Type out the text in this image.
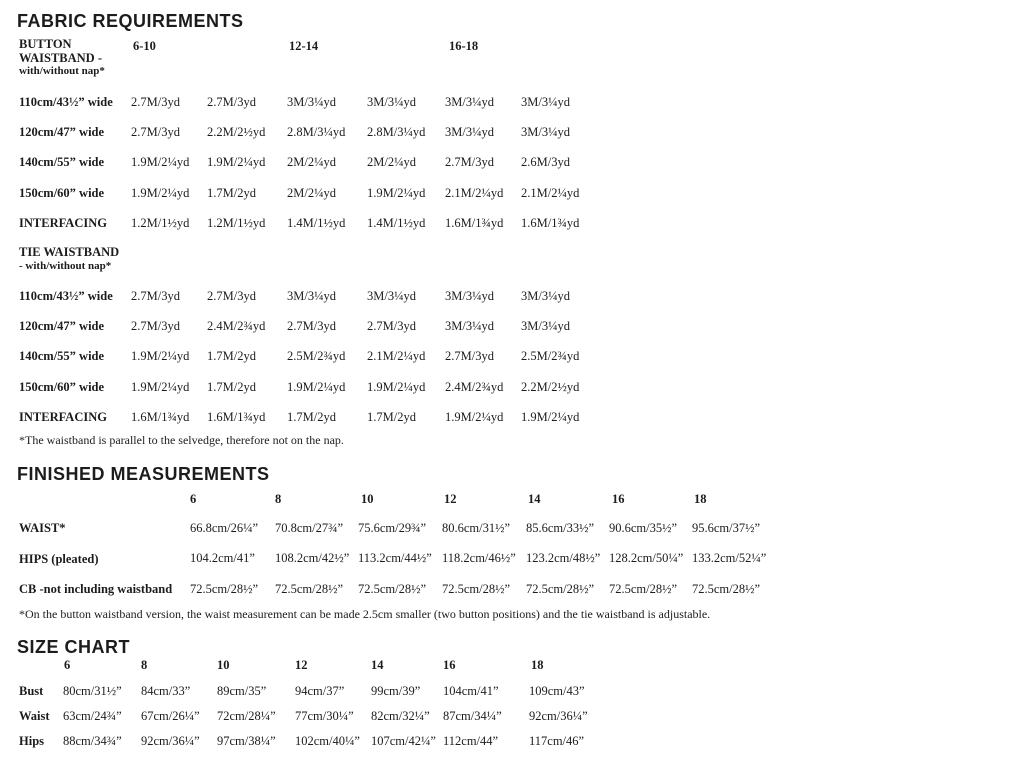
FABRIC REQUIREMENTS
BUTTON
WAISTBAND -
with/without nap*
6-10	12-14	16-18
110cm/43½” wide 2.7M/3yd 2.7M/3yd 3M/3¼yd 3M/3¼yd 3M/3¼yd 3M/3¼yd
120cm/47” wide 2.7M/3yd 2.2M/2½yd 2.8M/3¼yd 2.8M/3¼yd 3M/3¼yd 3M/3¼yd
140cm/55” wide 1.9M/2¼yd 1.9M/2¼yd 2M/2¼yd 2M/2¼yd 2.7M/3yd 2.6M/3yd
150cm/60” wide 1.9M/2¼yd 1.7M/2yd 2M/2¼yd 1.9M/2¼yd 2.1M/2¼yd 2.1M/2¼yd
INTERFACING 1.2M/1½yd 1.2M/1½yd 1.4M/1½yd 1.4M/1½yd 1.6M/1¾yd 1.6M/1¾yd
TIE WAISTBAND
- with/without nap*
110cm/43½” wide 2.7M/3yd 2.7M/3yd 3M/3¼yd 3M/3¼yd 3M/3¼yd 3M/3¼yd
120cm/47” wide 2.7M/3yd 2.4M/2¾yd 2.7M/3yd 2.7M/3yd 3M/3¼yd 3M/3¼yd
140cm/55” wide 1.9M/2¼yd 1.7M/2yd 2.5M/2¾yd 2.1M/2¼yd 2.7M/3yd 2.5M/2¾yd
150cm/60” wide 1.9M/2¼yd 1.7M/2yd 1.9M/2¼yd 1.9M/2¼yd 2.4M/2¾yd 2.2M/2½yd
INTERFACING 1.6M/1¾yd 1.6M/1¾yd 1.7M/2yd 1.7M/2yd 1.9M/2¼yd 1.9M/2¼yd
*The waistband is parallel to the selvedge, therefore not on the nap.
FINISHED MEASUREMENTS
6	8	10	12	14	16	18
WAIST*	66.8cm/26¼” 70.8cm/27¾” 75.6cm/29¾” 80.6cm/31½” 85.6cm/33½” 90.6cm/35½” 95.6cm/37½”
HIPS (pleated)	104.2cm/41” 108.2cm/42½” 113.2cm/44½” 118.2cm/46½” 123.2cm/48½” 128.2cm/50¼” 133.2cm/52¼”
CB -not including waistband 72.5cm/28½” 72.5cm/28½” 72.5cm/28½” 72.5cm/28½” 72.5cm/28½” 72.5cm/28½” 72.5cm/28½”
*On the button waistband version, the waist measurement can be made 2.5cm smaller (two button positions) and the tie waistband is adjustable.
SIZE CHART
6	8	10	12	14	16	18
Bust 80cm/31½” 84cm/33” 89cm/35” 94cm/37” 99cm/39” 104cm/41” 109cm/43”
Waist 63cm/24¾” 67cm/26¼” 72cm/28¼” 77cm/30¼” 82cm/32¼” 87cm/34¼” 92cm/36¼”
Hips 88cm/34¾” 92cm/36¼” 97cm/38¼” 102cm/40¼” 107cm/42¼” 112cm/44” 117cm/46”
